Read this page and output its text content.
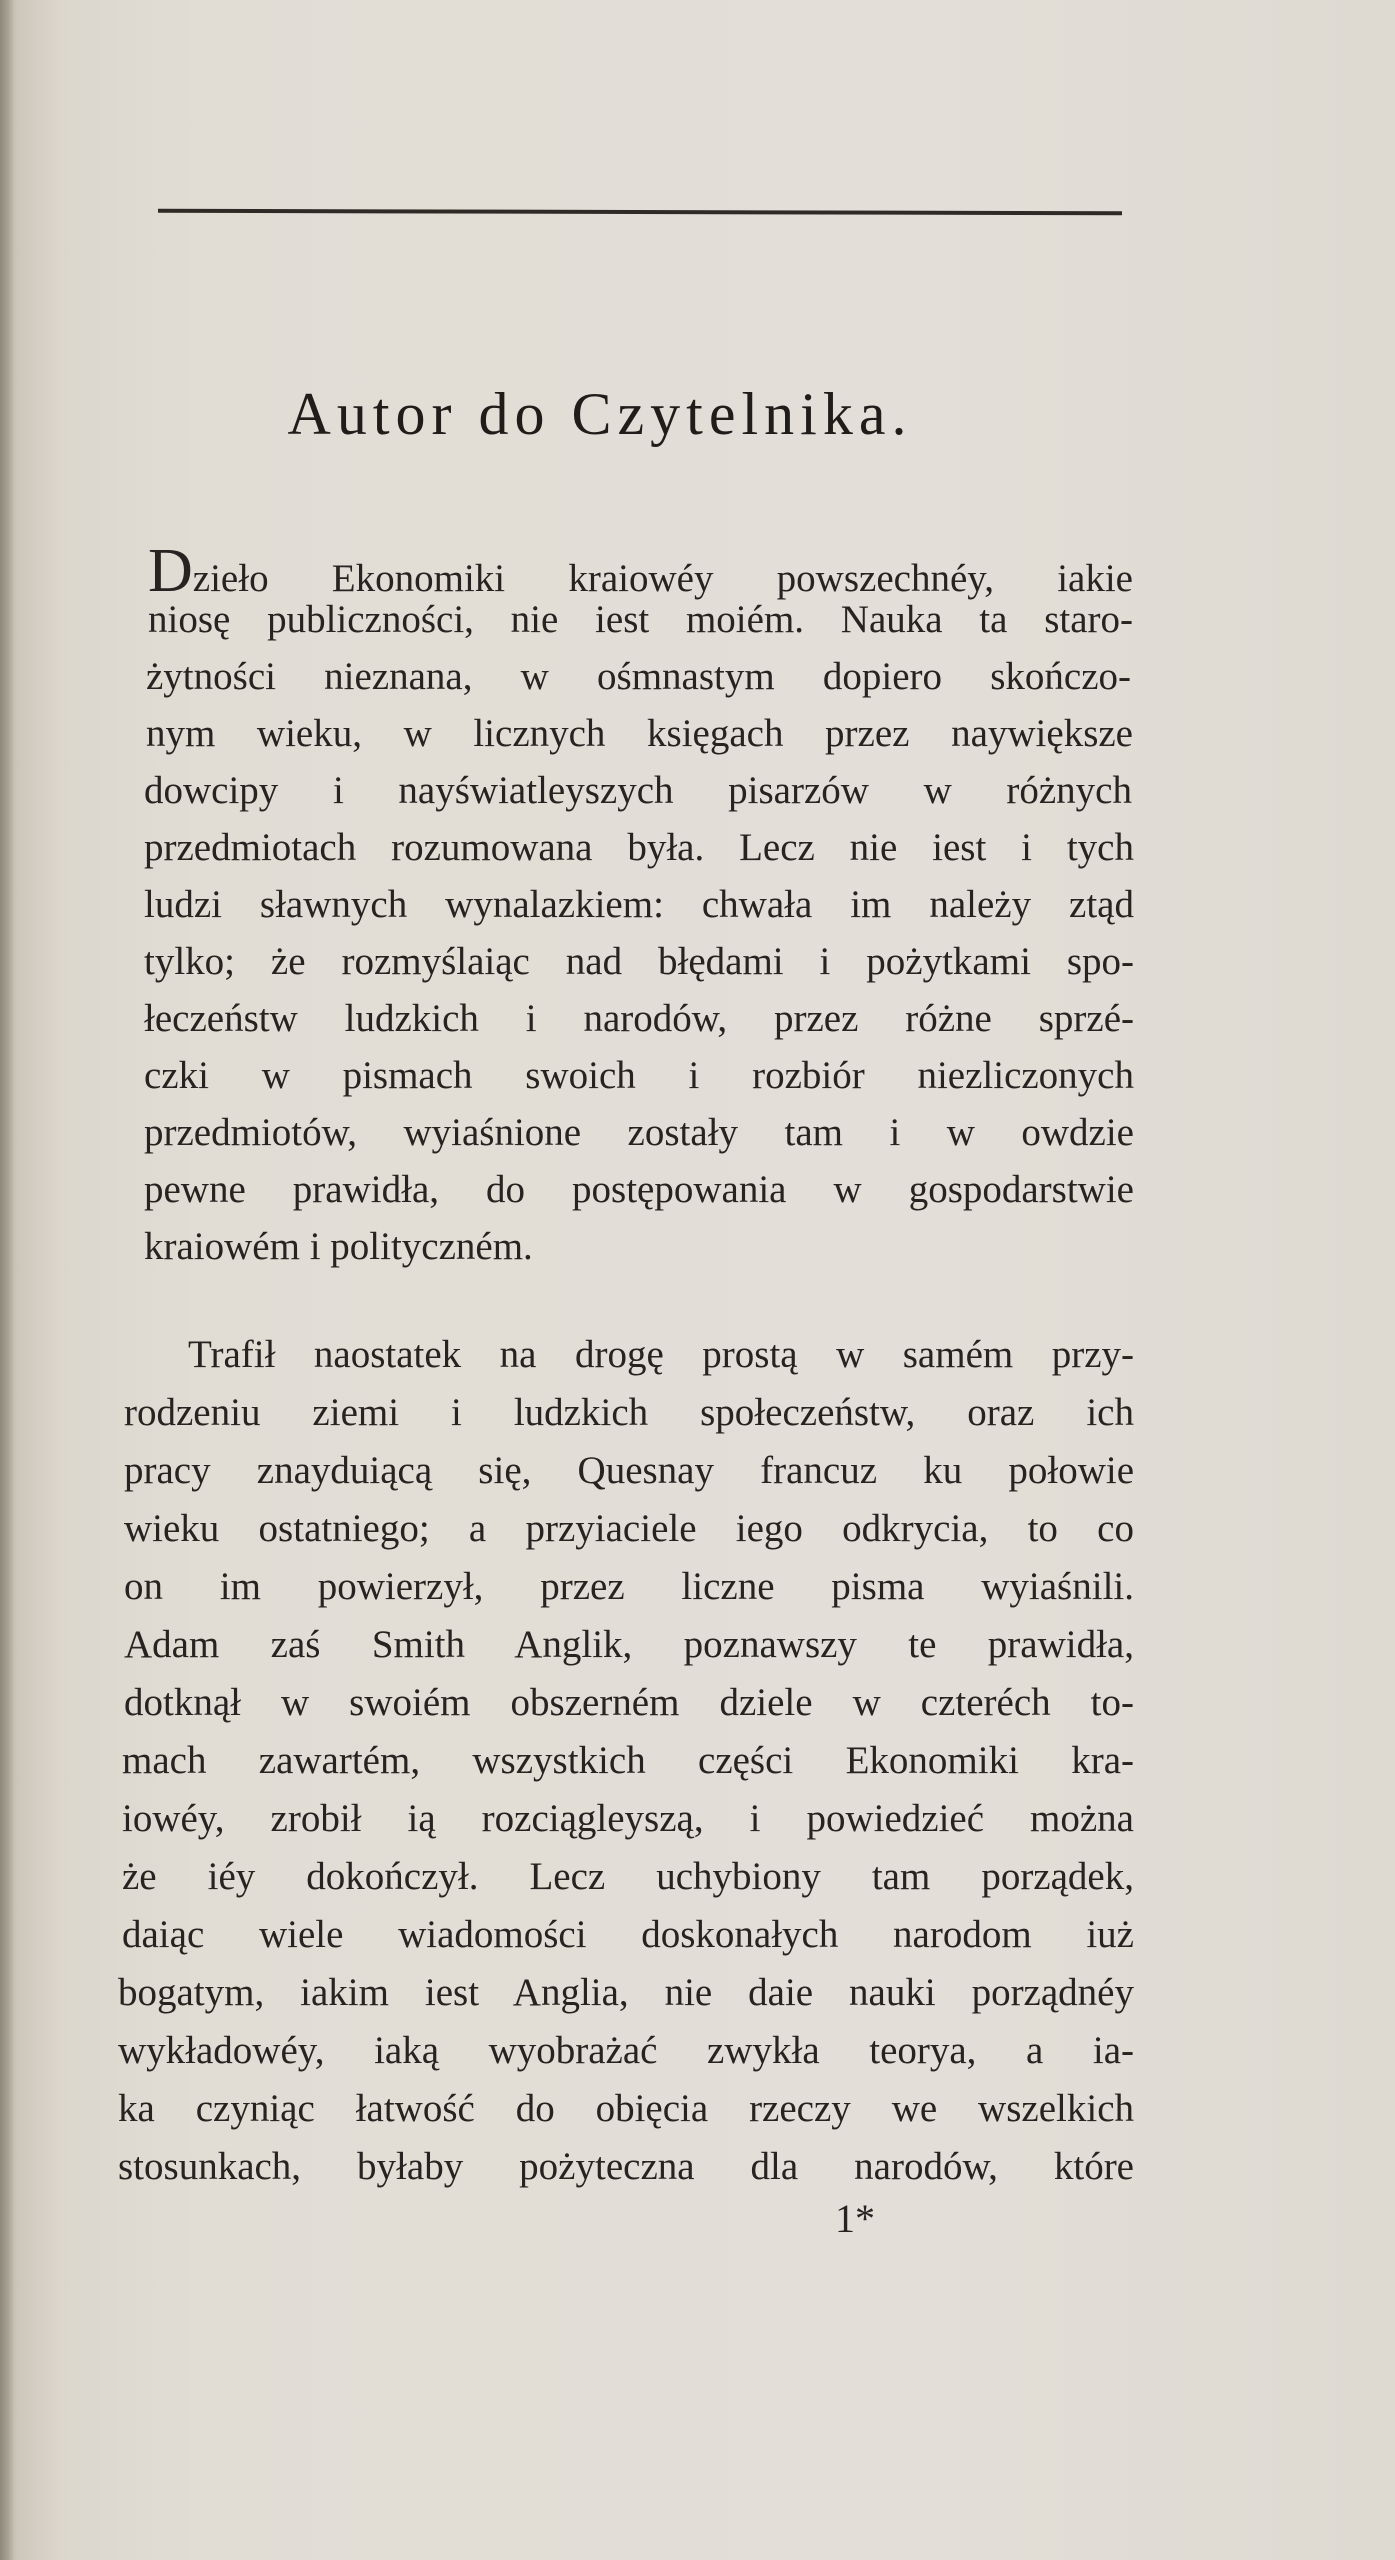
Autor do Czytelnika.
Dzieło Ekonomiki kraiowéy powszechnéy, iakie
niosę publiczności, nie iest moiém. Nauka ta staro-
żytności nieznana, w ośmnastym dopiero skończo-
nym wieku, w licznych księgach przez naywiększe
dowcipy i nayświatleyszych pisarzów w różnych
przedmiotach rozumowana była. Lecz nie iest i tych
ludzi sławnych wynalazkiem: chwała im należy ztąd
tylko; że rozmyślaiąc nad błędami i pożytkami spo-
łeczeństw ludzkich i narodów, przez różne sprzé-
czki w pismach swoich i rozbiór niezliczonych
przedmiotów, wyiaśnione zostały tam i w owdzie
pewne prawidła, do postępowania w gospodarstwie
kraiowém i polityczném.
Trafił naostatek na drogę prostą w samém przy-
rodzeniu ziemi i ludzkich społeczeństw, oraz ich
pracy znayduiącą się, Quesnay francuz ku połowie
wieku ostatniego; a przyiaciele iego odkrycia, to co
on im powierzył, przez liczne pisma wyiaśnili.
Adam zaś Smith Anglik, poznawszy te prawidła,
dotknął w swoiém obszerném dziele w czteréch to-
mach zawartém, wszystkich części Ekonomiki kra-
iowéy, zrobił ią rozciągleyszą, i powiedzieć można
że iéy dokończył. Lecz uchybiony tam porządek,
daiąc wiele wiadomości doskonałych narodom iuż
bogatym, iakim iest Anglia, nie daie nauki porządnéy
wykładowéy, iaką wyobrażać zwykła teorya, a ia-
ka czyniąc łatwość do obięcia rzeczy we wszelkich
stosunkach, byłaby pożyteczna dla narodów, które
1*
